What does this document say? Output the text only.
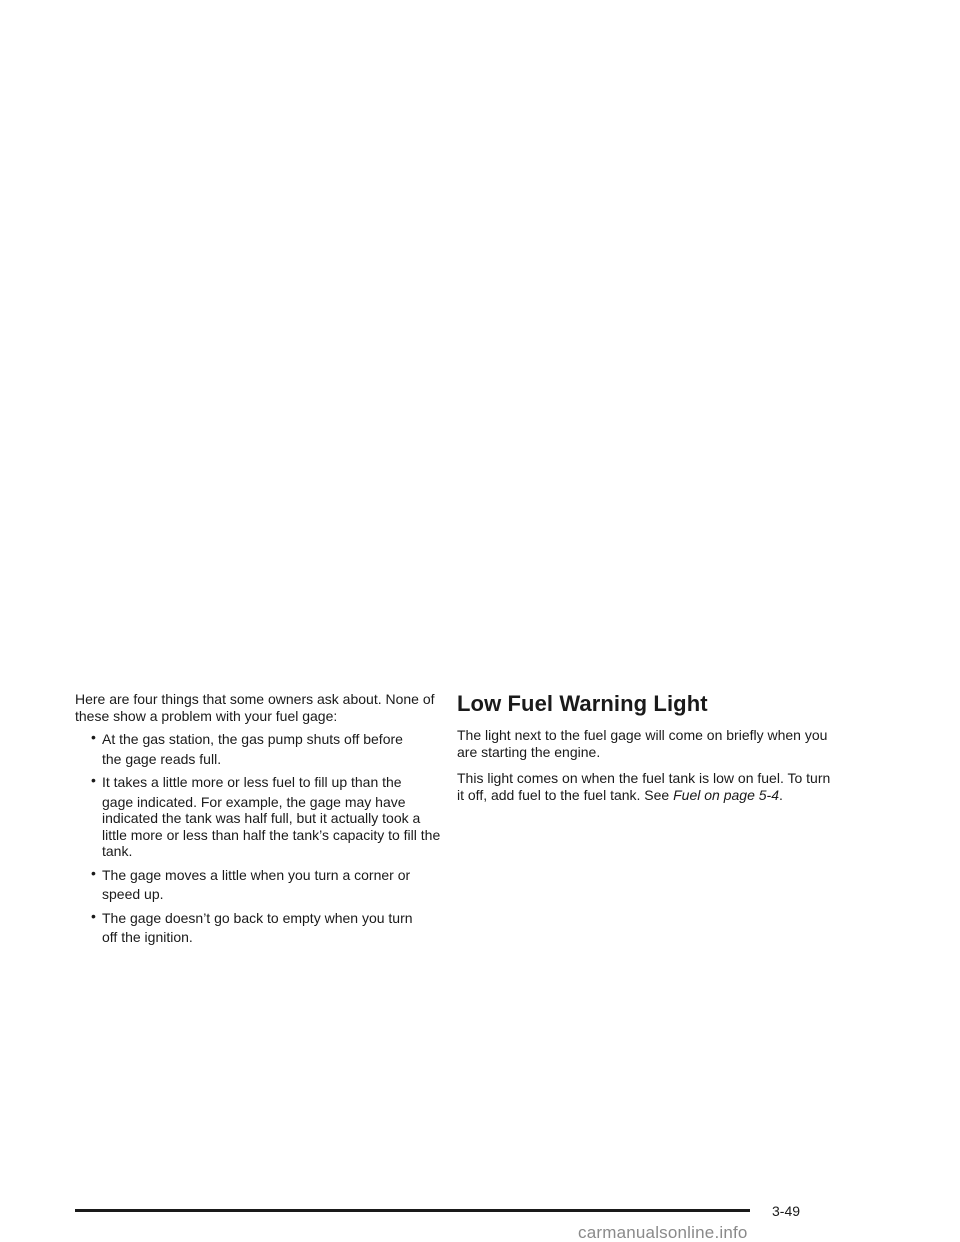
Here are four things that some owners ask about. None of these show a problem with your fuel gage:

• At the gas station, the gas pump shuts off before
the gage reads full.
• It takes a little more or less fuel to fill up than the
gage indicated. For example, the gage may have indicated the tank was half full, but it actually took a little more or less than half the tank’s capacity to fill the tank.
• The gage moves a little when you turn a corner or
speed up.
• The gage doesn’t go back to empty when you turn
off the ignition.
Low Fuel Warning Light

The light next to the fuel gage will come on briefly when you are starting the engine.

This light comes on when the fuel tank is low on fuel. To turn it off, add fuel to the fuel tank. See Fuel on page 5-4.

3-49
carmanualsonline.info
